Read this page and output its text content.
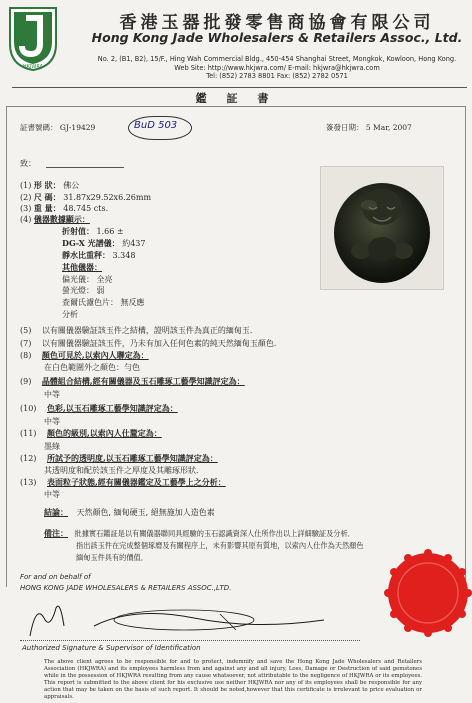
HKJWRA
香港玉器批發零售商協會有限公司
Hong Kong Jade Wholesalers & Retailers Assoc., Ltd.
No. 2, (B1, B2), 15/F., Hing Wah Commercial Bldg., 450-454 Shanghai Street, Mongkok, Kowloon, Hong Kong.
Web Site: http://www.hkjwra.com/ E-mail: hkjwra@hkjwra.com
Tel: (852) 2783 8801 Fax: (852) 2782 0571
鑑 証 書
証書號碼： GJ-19429	BuD 503	簽發日期： 5 Mar, 2007
致：
(1) 形 狀： 佛公
(2) 尺 碼： 31.87x29.52x6.26mm
(3) 重 量： 48.745 cts.
(4) 儀器數據顯示：
折射值： 1.66 ±
DG-X 光譜儀： 約437
靜水比重秤： 3.348
其他儀器：
偏光儀： 全亮
螢光燈： 弱
查爾氏濾色片： 無反應
分析
(5) 以有關儀器驗証該玉件之結構，證明該玉件為真正的緬甸玉．
(7) 以有關儀器驗証該玉件，乃未有加入任何色素的純天然緬甸玉顏色．
(8) 顏色可見於,以索內人聯定為：
在白色範圍外之顏色：勻色
(9) 晶體組合結構,經有關儀器及玉石雕琢工藝學知識評定為：
中等
(10) 色彩,以玉石雕琢工藝學知識評定為：
中等
(11) 顏色的級別,以索內人仕釐定為：
墨綠
(12) 所試予的透明度,以玉石雕琢工藝學知識評定為：
其透明度和配於該玉件之厚度及其雕琢形狀．
(13) 表面粒子狀態,經有關儀器鑑定及工藝學上之分析：
中等
結論： 天然顏色, 緬甸硬玉, 絕無施加人造色素
備注： 批據實石鑑証是以有關儀器聯同具經驗的玉石認識資深人仕所作出以上詳細驗証及分析．
指出該玉件在完成整個琢磨及有關程序上，未有影響其原有質地，以索內人仕作為天然顏色
緬甸玉件具有的價值．
For and on behalf of
HONG KONG JADE WHOLESALERS & RETAILERS ASSOC.,LTD.
Authorized Signature & Supervisor of Identification
The above client agrees to be responsible for and to protect, indemnify and save the Hong Kong Jade Wholesalers and Retailers Association (HKJWRA) and its employees harmless from and against any and all injury, Loss, Damage or Destruction of said gemstones while in the possession of HKJWRA resulting from any cause whatsoever, not attributable to the negligence of HKJWRA or its employees. This report is submitted to the above client for his exclusive use neither HKJWRA nor any of its employees shall be responsible for any action that may be taken on the basis of such report. It should be noted,however that this certificate is irrelevant to price evaluation or appraisals.
